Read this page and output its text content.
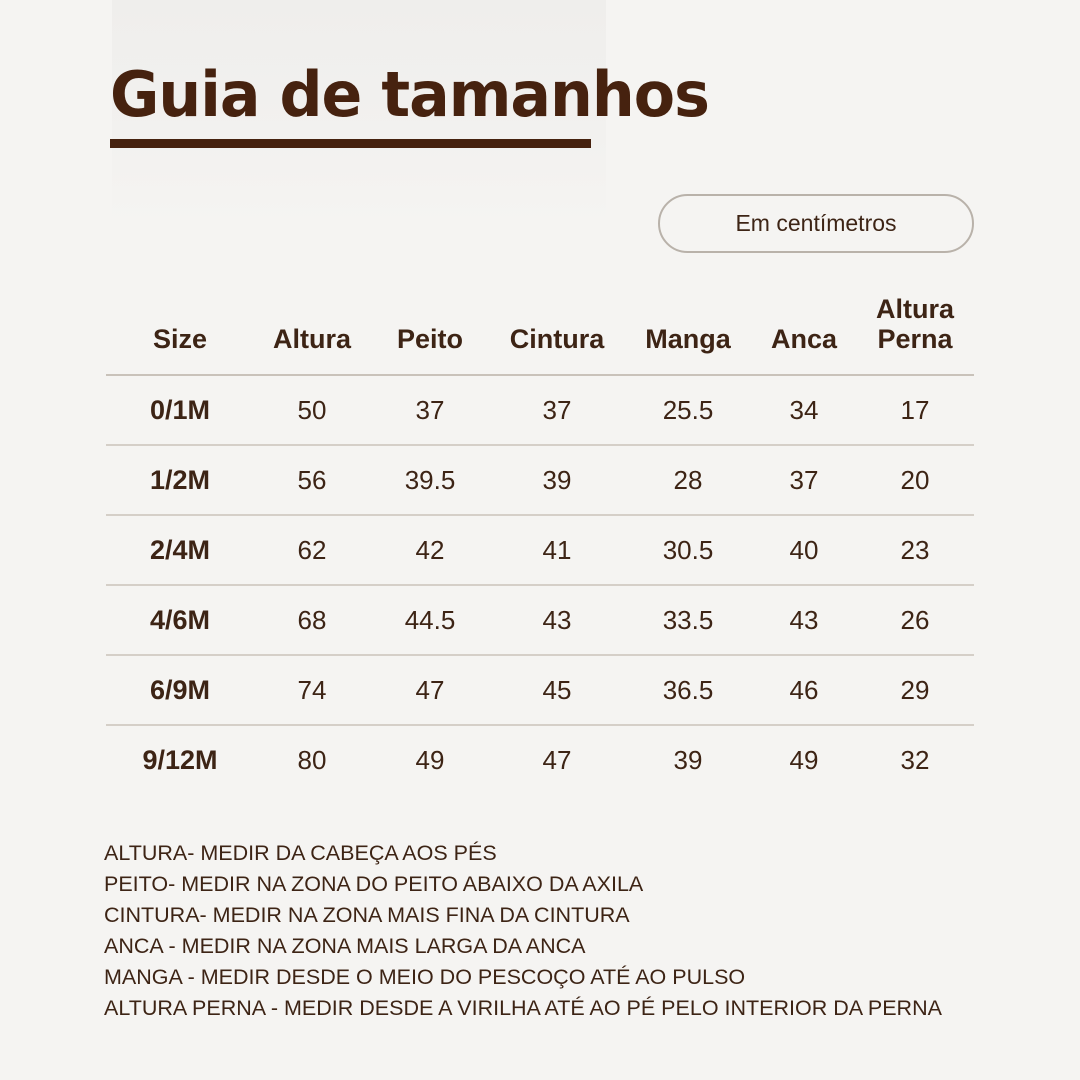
Guia de tamanhos
Em centímetros
Size	Altura	Peito	Cintura	Manga	Anca	Altura Perna
0/1M	50	37	37	25.5	34	17
1/2M	56	39.5	39	28	37	20
2/4M	62	42	41	30.5	40	23
4/6M	68	44.5	43	33.5	43	26
6/9M	74	47	45	36.5	46	29
9/12M	80	49	47	39	49	32
ALTURA- MEDIR DA CABEÇA AOS PÉS
PEITO- MEDIR NA ZONA DO PEITO ABAIXO DA AXILA
CINTURA- MEDIR NA ZONA MAIS FINA DA CINTURA
ANCA - MEDIR NA ZONA MAIS LARGA DA ANCA
MANGA - MEDIR DESDE O MEIO DO PESCOÇO ATÉ AO PULSO
ALTURA PERNA - MEDIR DESDE A VIRILHA ATÉ AO PÉ PELO INTERIOR DA PERNA
